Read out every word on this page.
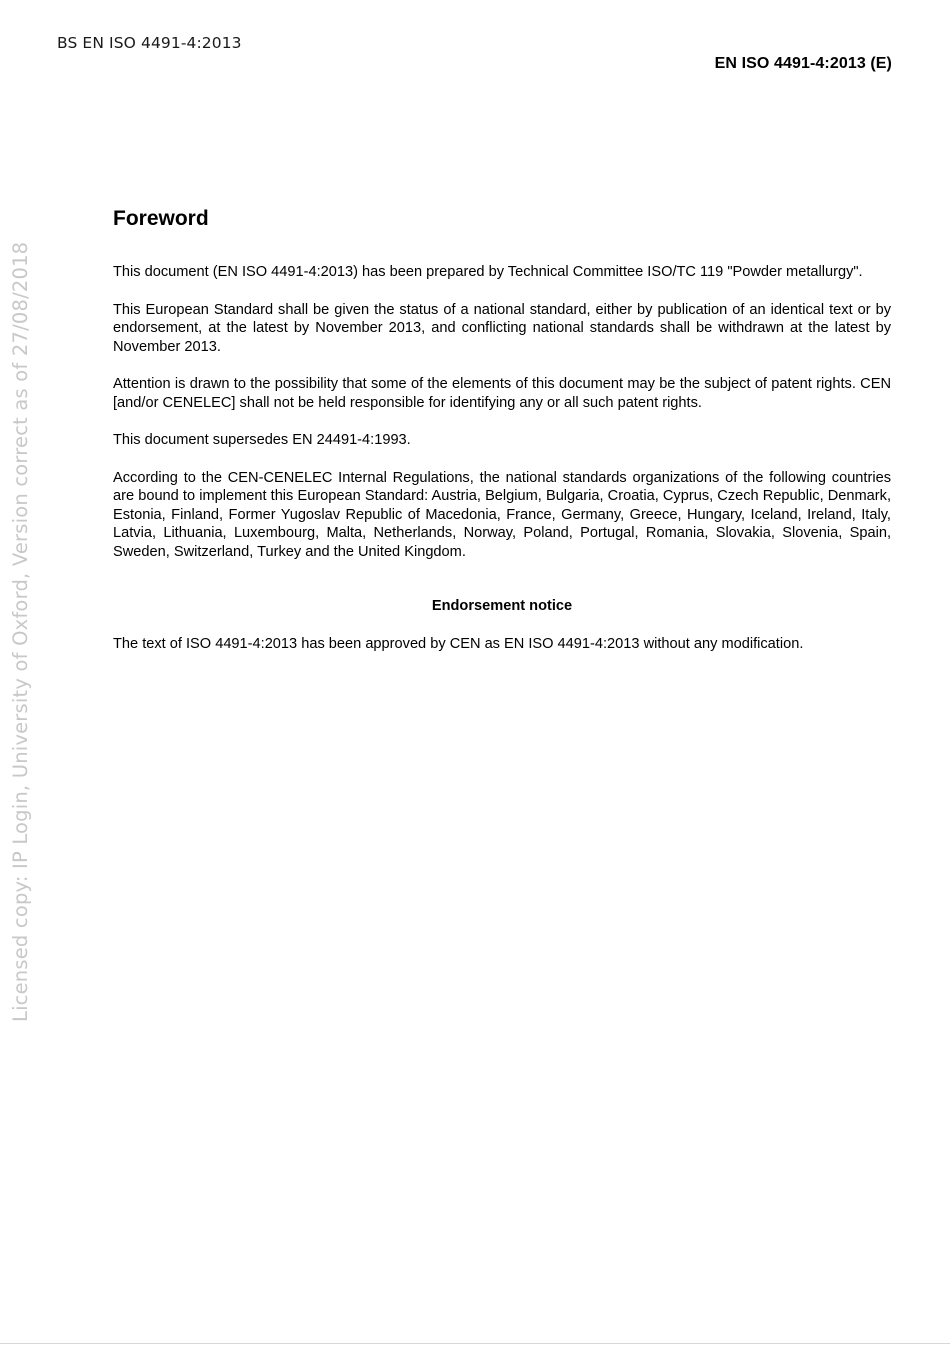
BS EN ISO 4491-4:2013
EN ISO 4491-4:2013 (E)
Licensed copy: IP Login, University of Oxford, Version correct as of 27/08/2018
Foreword

This document (EN ISO 4491-4:2013) has been prepared by Technical Committee ISO/TC 119 "Powder metallurgy".

This European Standard shall be given the status of a national standard, either by publication of an identical text or by endorsement, at the latest by November 2013, and conflicting national standards shall be withdrawn at the latest by November 2013.

Attention is drawn to the possibility that some of the elements of this document may be the subject of patent rights. CEN [and/or CENELEC] shall not be held responsible for identifying any or all such patent rights.

This document supersedes EN 24491-4:1993.

According to the CEN-CENELEC Internal Regulations, the national standards organizations of the following countries are bound to implement this European Standard: Austria, Belgium, Bulgaria, Croatia, Cyprus, Czech Republic, Denmark, Estonia, Finland, Former Yugoslav Republic of Macedonia, France, Germany, Greece, Hungary, Iceland, Ireland, Italy, Latvia, Lithuania, Luxembourg, Malta, Netherlands, Norway, Poland, Portugal, Romania, Slovakia, Slovenia, Spain, Sweden, Switzerland, Turkey and the United Kingdom.

Endorsement notice

The text of ISO 4491-4:2013 has been approved by CEN as EN ISO 4491-4:2013 without any modification.
